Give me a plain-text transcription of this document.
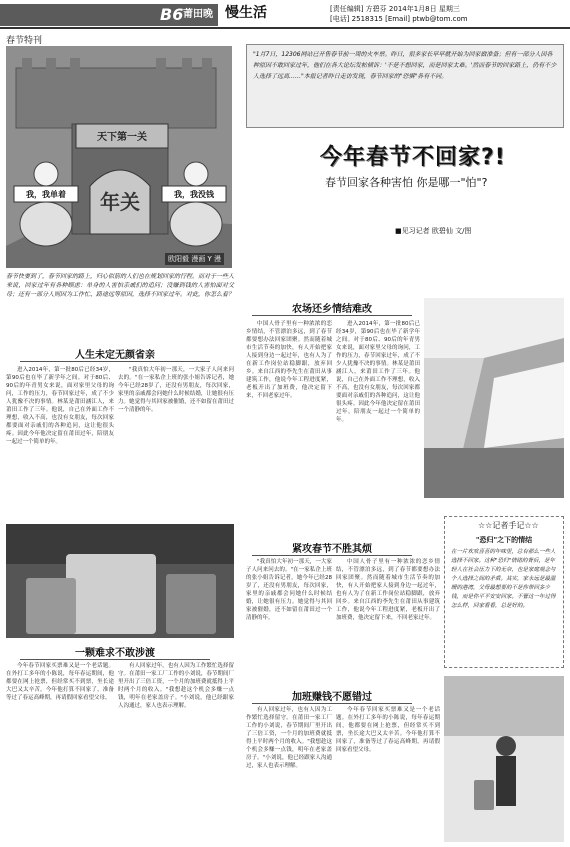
B6 莆田晚报
慢生活	[责任编辑] 方碧芬 2014年1月8日 星期三
[电话] 2518315 [Email] ptwb@tom.com
春节特刊
天下第一关
年关
我，我单着	我，我没钱
欧阳毅 漫画 Y 漫
"1月7日，12306网站已开售春节前一周的火车票。昨日，很多家长早早就开始为回家做准备；但有一部分人因各种原因不敢回家过年，他们在各大论坛发帖倾诉：'不是不想回家，而是回家太难。'然而春节的回家路上，仍有不少人选择了远离……"本报记者昨日走访发现，春节回家的"恐惧"各有不同。
今年春节不回家?!
春节回家各种害怕 你是哪一"怕"?
■见习记者 欧碧仙 文/图
春节快要到了，春节回家的路上，归心似箭的人们也在规划回家的行程。而对于一些人来说，回家过年有各种顾虑：单身的人害怕亲戚们的追问；没赚到钱的人害怕面对父母；还有一部分人则因为工作忙、路途远等原因，选择不回家过年。对此，你怎么看？
人生未定无颜省亲

进入2014年，第一批80后已经34岁，第90后也在毕了新学年之间。对于80后、90后的年青男女来说，面对家里父母的询问，工作的压力，春节回家过年，成了不少人犹豫不决的事情。林某是莆田涵江人，来莆田工作了三年。他说，自己在外面工作不理想，收入不高，也没有女朋友，每次回家都要面对亲戚们的各种追问，这让他很头疼。因此今年他决定留在莆田过年，陪朋友一起过一个简单的年。

"我真怕大年初一那天，一大家子人问来问去的。"在一家私企上班的张小姐告诉记者，她今年已经28岁了，还没有男朋友，每次回家，家里的亲戚都会问她什么时候结婚，让她很有压力。她觉得与其回家被催婚，还不如留在莆田过一个清静的年。

一颗难求不敢涉渡

今年春节回家买票难又是一个老话题。在外打工多年的小陈说，每年春运期间，他都要在网上抢票，但经常买不到票，坐长途大巴又太辛苦。今年他打算不回家了，准备等过了春运高峰期，再请假回家看望父母。

有人回家过年，也有人因为工作繁忙选择留守。在莆田一家工厂工作的小刘说，春节期间厂里开出了三倍工资，一个月的加班费就抵得上平时两个月的收入。"我想趁这个机会多赚一点钱，明年在老家盖房子。"小刘说，他已经跟家人沟通过，家人也表示理解。

农场还乡情结难改

中国人骨子里有一种浓浓的恋乡情结，不管漂泊多远，到了春节都要想办法回家团聚。然而随着城市生活节奏的加快，有人开始把家人接到身边一起过年，也有人为了在新工作岗位站稳脚跟，放弃回乡。来自江西的李先生在莆田从事建筑工作，他说今年工程进度紧，老板开出了加班费，他决定留下来，不回老家过年。

进入2014年，第一批80后已经34岁，第90后也在毕了新学年之间。对于80后、90后的年青男女来说，面对家里父母的询问，工作的压力，春节回家过年，成了不少人犹豫不决的事情。林某是莆田涵江人，来莆田工作了三年。他说，自己在外面工作不理想，收入不高，也没有女朋友，每次回家都要面对亲戚们的各种追问，这让他很头疼。因此今年他决定留在莆田过年，陪朋友一起过一个简单的年。

紧攻春节不胜其烦

"我真怕大年初一那天，一大家子人问来问去的。"在一家私企上班的张小姐告诉记者，她今年已经28岁了，还没有男朋友，每次回家，家里的亲戚都会问她什么时候结婚，让她很有压力。她觉得与其回家被催婚，还不如留在莆田过一个清静的年。

中国人骨子里有一种浓浓的恋乡情结，不管漂泊多远，到了春节都要想办法回家团聚。然而随着城市生活节奏的加快，有人开始把家人接到身边一起过年，也有人为了在新工作岗位站稳脚跟，放弃回乡。来自江西的李先生在莆田从事建筑工作，他说今年工程进度紧，老板开出了加班费，他决定留下来，不回老家过年。

☆☆记者手记☆☆
"恐归"之下的情结
在一片欢欢喜喜的年味里，总有那么一些人选择不回家。这种"恐归"情绪的背后，是年轻人在社会压力下的无奈，也是家庭观念与个人选择之间的矛盾。其实，家永远是最温暖的港湾，父母最想要的不是你带回多少钱，而是你平平安安回家。不管这一年过得怎么样，回家看看，总是好的。
加班赚钱不愿错过

有人回家过年，也有人因为工作繁忙选择留守。在莆田一家工厂工作的小刘说，春节期间厂里开出了三倍工资，一个月的加班费就抵得上平时两个月的收入。"我想趁这个机会多赚一点钱，明年在老家盖房子。"小刘说，他已经跟家人沟通过，家人也表示理解。

今年春节回家买票难又是一个老话题。在外打工多年的小陈说，每年春运期间，他都要在网上抢票，但经常买不到票，坐长途大巴又太辛苦。今年他打算不回家了，准备等过了春运高峰期，再请假回家看望父母。
